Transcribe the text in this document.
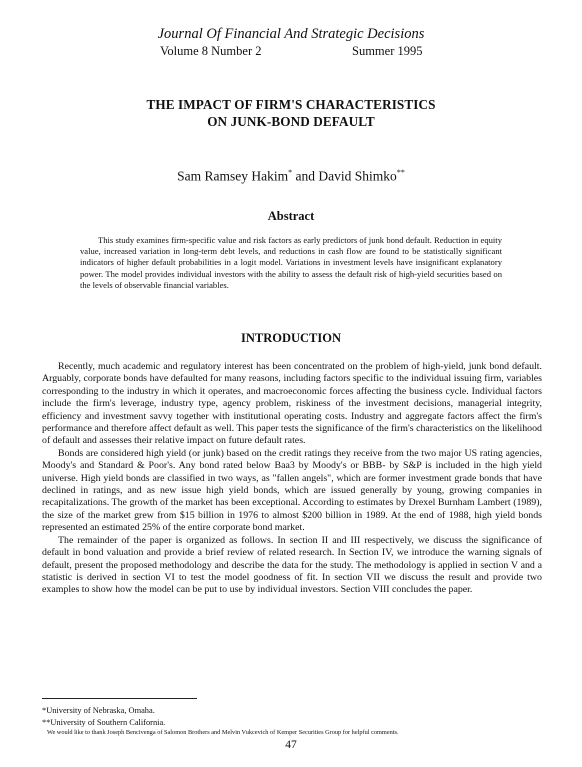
Journal Of Financial And Strategic Decisions
Volume 8 Number 2	Summer 1995
THE IMPACT OF FIRM'S CHARACTERISTICS
ON JUNK-BOND DEFAULT
Sam Ramsey Hakim* and David Shimko**
Abstract

This study examines firm-specific value and risk factors as early predictors of junk bond default. Reduction in equity value, increased variation in long-term debt levels, and reductions in cash flow are found to be statistically significant indicators of higher default probabilities in a logit model. Variations in investment levels have insignificant explanatory power. The model provides individual investors with the ability to assess the default risk of high-yield securities based on the levels of observable financial variables.

INTRODUCTION

Recently, much academic and regulatory interest has been concentrated on the problem of high-yield, junk bond default. Arguably, corporate bonds have defaulted for many reasons, including factors specific to the individual issuing firm, variables corresponding to the industry in which it operates, and macroeconomic forces affecting the business cycle. Individual factors include the firm's leverage, industry type, agency problem, riskiness of the investment decisions, managerial integrity, efficiency and investment savvy together with institutional operating costs. Industry and aggregate factors affect the firm's performance and therefore affect default as well. This paper tests the significance of the firm's characteristics on the likelihood of default and assesses their relative impact on future default rates.

Bonds are considered high yield (or junk) based on the credit ratings they receive from the two major US rating agencies, Moody's and Standard & Poor's. Any bond rated below Baa3 by Moody's or BBB- by S&P is included in the high yield universe. High yield bonds are classified in two ways, as "fallen angels", which are former investment grade bonds that have declined in ratings, and as new issue high yield bonds, which are issued generally by young, growing companies in recapitalizations. The growth of the market has been exceptional. According to estimates by Drexel Burnham Lambert (1989), the size of the market grew from $15 billion in 1976 to almost $200 billion in 1989. At the end of 1988, high yield bonds represented an estimated 25% of the entire corporate bond market.

The remainder of the paper is organized as follows. In section II and III respectively, we discuss the significance of default in bond valuation and provide a brief review of related research. In Section IV, we introduce the warning signals of default, present the proposed methodology and describe the data for the study. The methodology is applied in section V and a statistic is derived in section VI to test the model goodness of fit. In section VII we discuss the result and provide two examples to show how the model can be put to use by individual investors. Section VIII concludes the paper.

*University of Nebraska, Omaha.
**University of Southern California.
We would like to thank Joseph Bencivenga of Salomon Brothers and Melvin Vukcevich of Kemper Securities Group for helpful comments.
47
